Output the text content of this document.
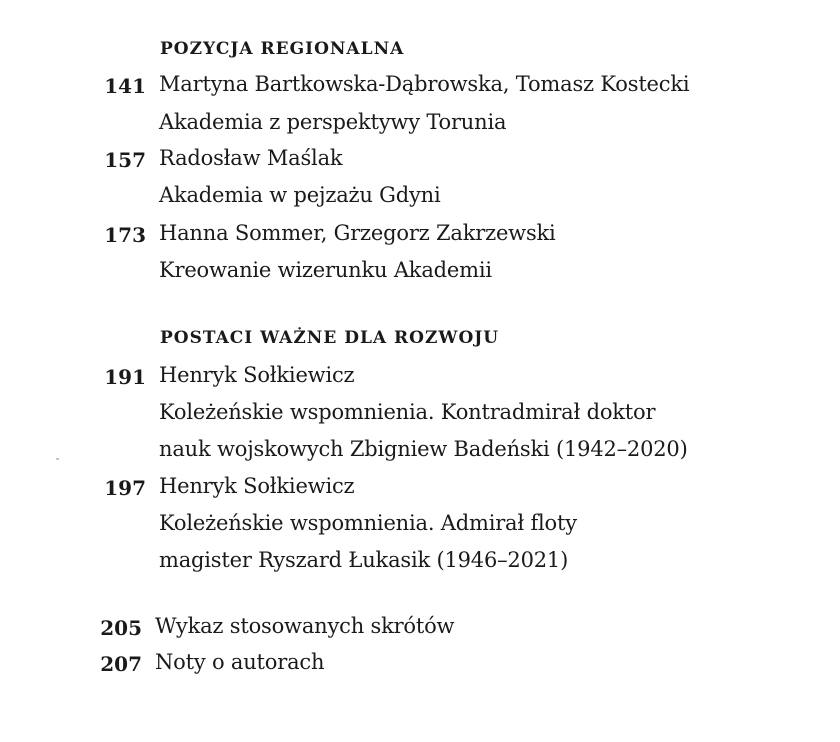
POZYCJA REGIONALNA
141 Martyna Bartkowska-Dąbrowska, Tomasz Kostecki
Akademia z perspektywy Torunia
157 Radosław Maślak
Akademia w pejzażu Gdyni
173 Hanna Sommer, Grzegorz Zakrzewski
Kreowanie wizerunku Akademii
POSTACI WAŻNE DLA ROZWOJU
191 Henryk Sołkiewicz
Koleżeńskie wspomnienia. Kontradmirał doktor
nauk wojskowych Zbigniew Badeński (1942–2020)
197 Henryk Sołkiewicz
Koleżeńskie wspomnienia. Admirał floty
magister Ryszard Łukasik (1946–2021)
205 Wykaz stosowanych skrótów
207 Noty o autorach
